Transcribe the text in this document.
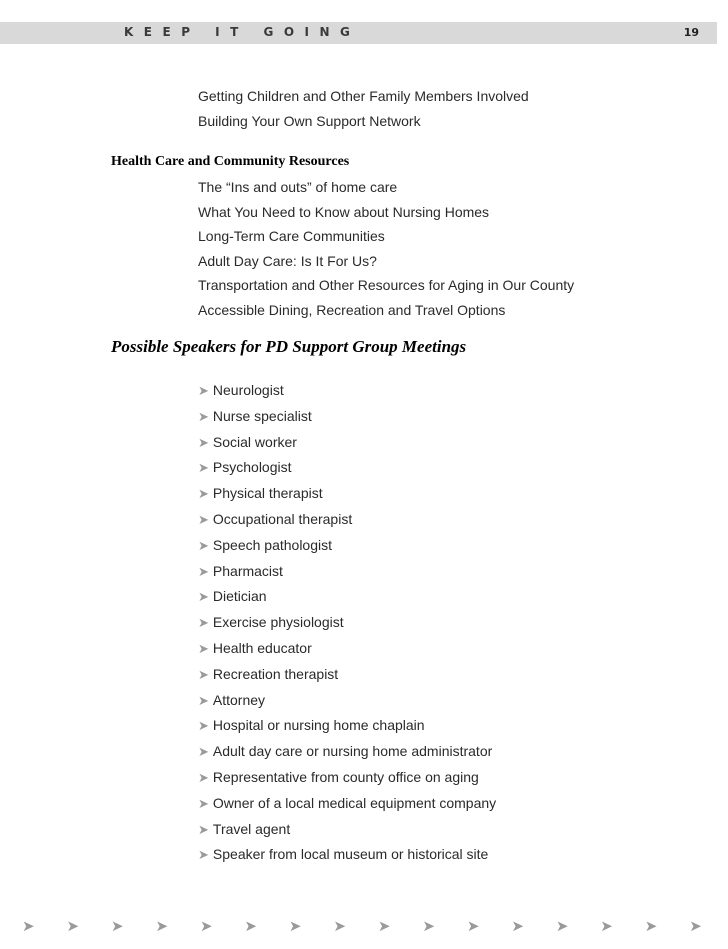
KEEP IT GOING	19
Getting Children and Other Family Members Involved
Building Your Own Support Network
Health Care and Community Resources
The “Ins and outs” of home care
What You Need to Know about Nursing Homes
Long-Term Care Communities
Adult Day Care: Is It For Us?
Transportation and Other Resources for Aging in Our County
Accessible Dining, Recreation and Travel Options
Possible Speakers for PD Support Group Meetings
➤ Neurologist
➤ Nurse specialist
➤ Social worker
➤ Psychologist
➤ Physical therapist
➤ Occupational therapist
➤ Speech pathologist
➤ Pharmacist
➤ Dietician
➤ Exercise physiologist
➤ Health educator
➤ Recreation therapist
➤ Attorney
➤ Hospital or nursing home chaplain
➤ Adult day care or nursing home administrator
➤ Representative from county office on aging
➤ Owner of a local medical equipment company
➤ Travel agent
➤ Speaker from local museum or historical site
➤ ➤ ➤ ➤ ➤ ➤ ➤ ➤ ➤ ➤ ➤ ➤ ➤ ➤ ➤ ➤
